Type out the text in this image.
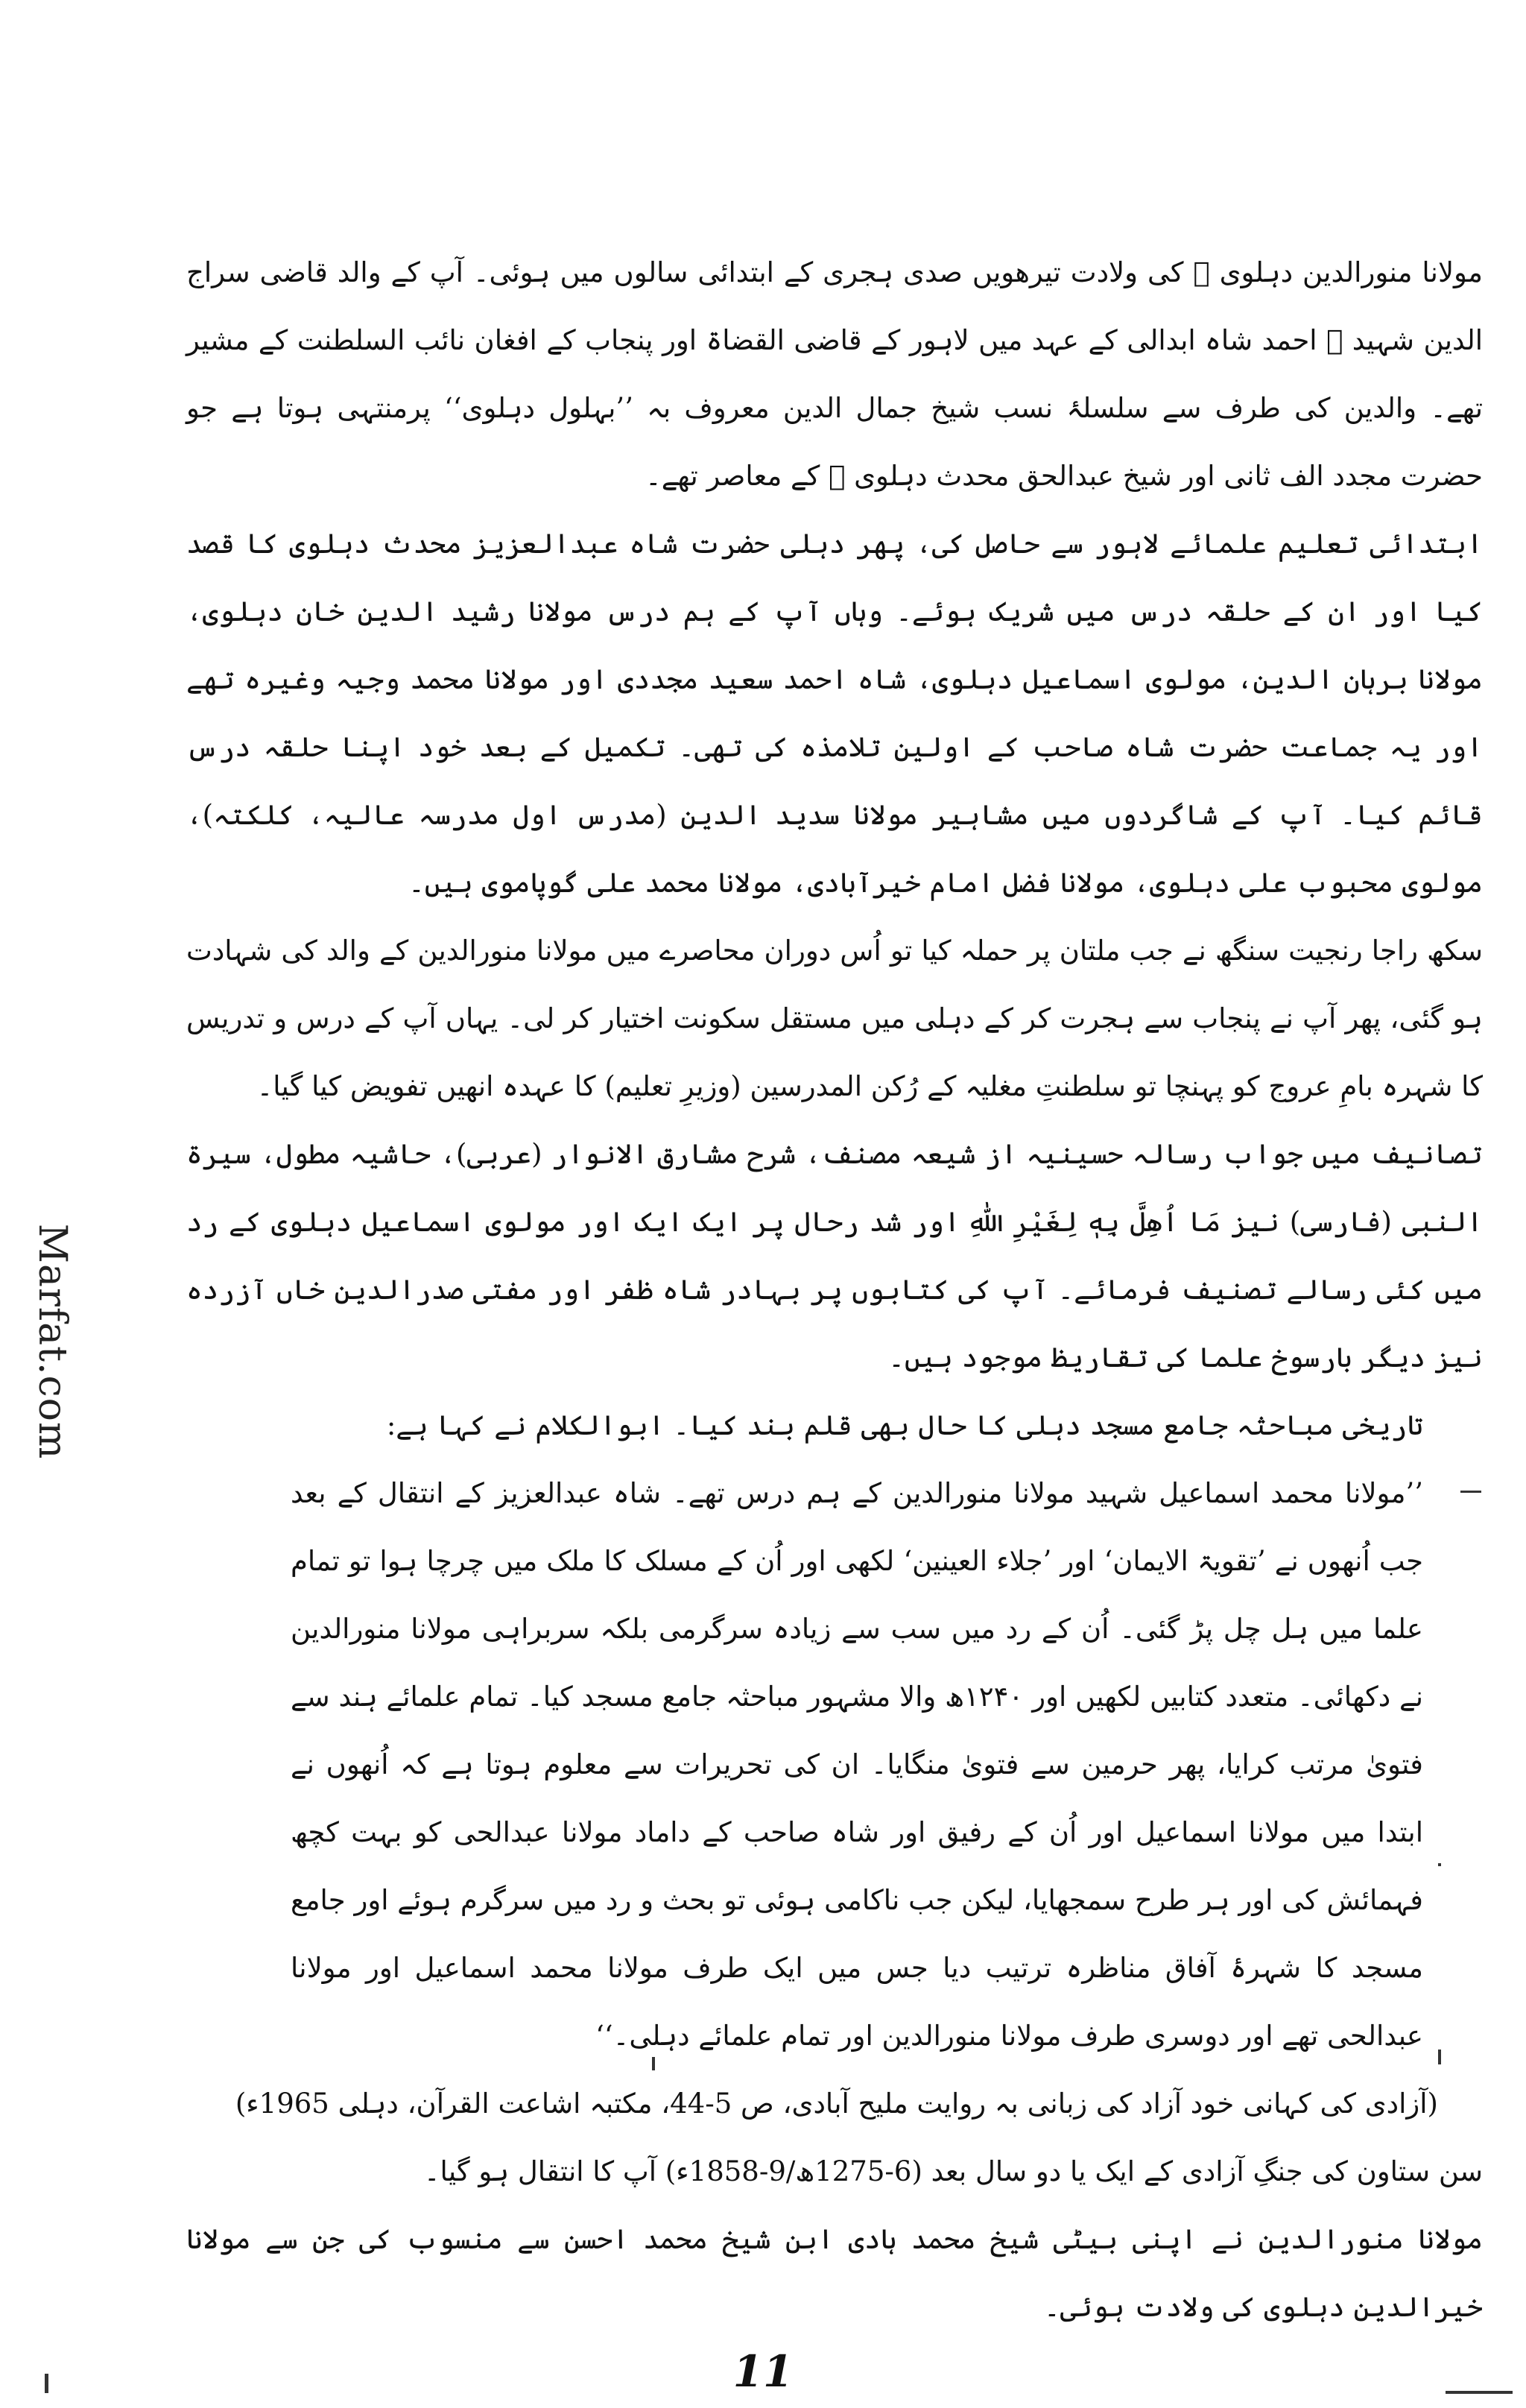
Marfat.com

مولانا منورالدین دہلوی ﷫ کی ولادت تیرھویں صدی ہجری کے ابتدائی سالوں میں ہوئی۔ آپ کے والد قاضی سراج الدین شہید ﷫ احمد شاہ ابدالی کے عہد میں لاہور کے قاضی القضاۃ اور پنجاب کے افغان نائب السلطنت کے مشیر تھے۔ والدین کی طرف سے سلسلۂ نسب شیخ جمال الدین معروف بہ ’’بہلول دہلوی‘‘ پرمنتہی ہوتا ہے جو حضرت مجدد الف ثانی اور شیخ عبدالحق محدث دہلوی ﷫ کے معاصر تھے۔

ابتدائی تعلیم علمائے لاہور سے حاصل کی، پھر دہلی حضرت شاہ عبدالعزیز محدث دہلوی کا قصد کیا اور ان کے حلقہ درس میں شریک ہوئے۔ وہاں آپ کے ہم درس مولانا رشید الدین خان دہلوی، مولانا برہان الدین، مولوی اسماعیل دہلوی، شاہ احمد سعید مجددی اور مولانا محمد وجیہ وغیرہ تھے اور یہ جماعت حضرت شاہ صاحب کے اولین تلامذہ کی تھی۔ تکمیل کے بعد خود اپنا حلقہ درس قائم کیا۔ آپ کے شاگردوں میں مشاہیر مولانا سدید الدین (مدرس اول مدرسہ عالیہ، کلکتہ)، مولوی محبوب علی دہلوی، مولانا فضل امام خیرآبادی، مولانا محمد علی گوپاموی ہیں۔

سکھ راجا رنجیت سنگھ نے جب ملتان پر حملہ کیا تو اُس دوران محاصرے میں مولانا منورالدین کے والد کی شہادت ہو گئی، پھر آپ نے پنجاب سے ہجرت کر کے دہلی میں مستقل سکونت اختیار کر لی۔ یہاں آپ کے درس و تدریس کا شہرہ بامِ عروج کو پہنچا تو سلطنتِ مغلیہ کے رُکن المدرسین (وزیرِ تعلیم) کا عہدہ انھیں تفویض کیا گیا۔

تصانیف میں جواب رسالہ حسینیہ از شیعہ مصنف، شرح مشارق الانوار (عربی)، حاشیہ مطول، سیرۃ النبی (فارسی) نیز مَا اُهِلَّ بِهٖ لِغَیْرِ اللّٰهِ اور شد رحال پر ایک ایک اور مولوی اسماعیل دہلوی کے رد میں کئی رسالے تصنیف فرمائے۔ آپ کی کتابوں پر بہادر شاہ ظفر اور مفتی صدرالدین خاں آزردہ نیز دیگر بارسوخ علما کی تقاریظ موجود ہیں۔

تاریخی مباحثہ جامع مسجد دہلی کا حال بھی قلم بند کیا۔ ابوالکلام نے کہا ہے:

’’مولانا محمد اسماعیل شہید مولانا منورالدین کے ہم درس تھے۔ شاہ عبدالعزیز کے انتقال کے بعد جب اُنھوں نے ’تقویۃ الایمان‘ اور ’جلاء العینین‘ لکھی اور اُن کے مسلک کا ملک میں چرچا ہوا تو تمام علما میں ہل چل پڑ گئی۔ اُن کے رد میں سب سے زیادہ سرگرمی بلکہ سربراہی مولانا منورالدین نے دکھائی۔ متعدد کتابیں لکھیں اور ۱۲۴۰ھ والا مشہور مباحثہ جامع مسجد کیا۔ تمام علمائے ہند سے فتویٰ مرتب کرایا، پھر حرمین سے فتویٰ منگایا۔ ان کی تحریرات سے معلوم ہوتا ہے کہ اُنھوں نے ابتدا میں مولانا اسماعیل اور اُن کے رفیق اور شاہ صاحب کے داماد مولانا عبدالحی کو بہت کچھ فہمائش کی اور ہر طرح سمجھایا، لیکن جب ناکامی ہوئی تو بحث و رد میں سرگرم ہوئے اور جامع مسجد کا شہرۂ آفاق مناظرہ ترتیب دیا جس میں ایک طرف مولانا محمد اسماعیل اور مولانا عبدالحی تھے اور دوسری طرف مولانا منورالدین اور تمام علمائے دہلی۔‘‘

(آزادی کی کہانی خود آزاد کی زبانی بہ روایت ملیح آبادی، ص 5-44، مکتبہ اشاعت القرآن، دہلی 1965ء)

سن ستاون کی جنگِ آزادی کے ایک یا دو سال بعد (6-1275ھ/9-1858ء) آپ کا انتقال ہو گیا۔

مولانا منورالدین نے اپنی بیٹی شیخ محمد ہادی ابن شیخ محمد احسن سے منسوب کی جن سے مولانا خیرالدین دہلوی کی ولادت ہوئی۔

11
